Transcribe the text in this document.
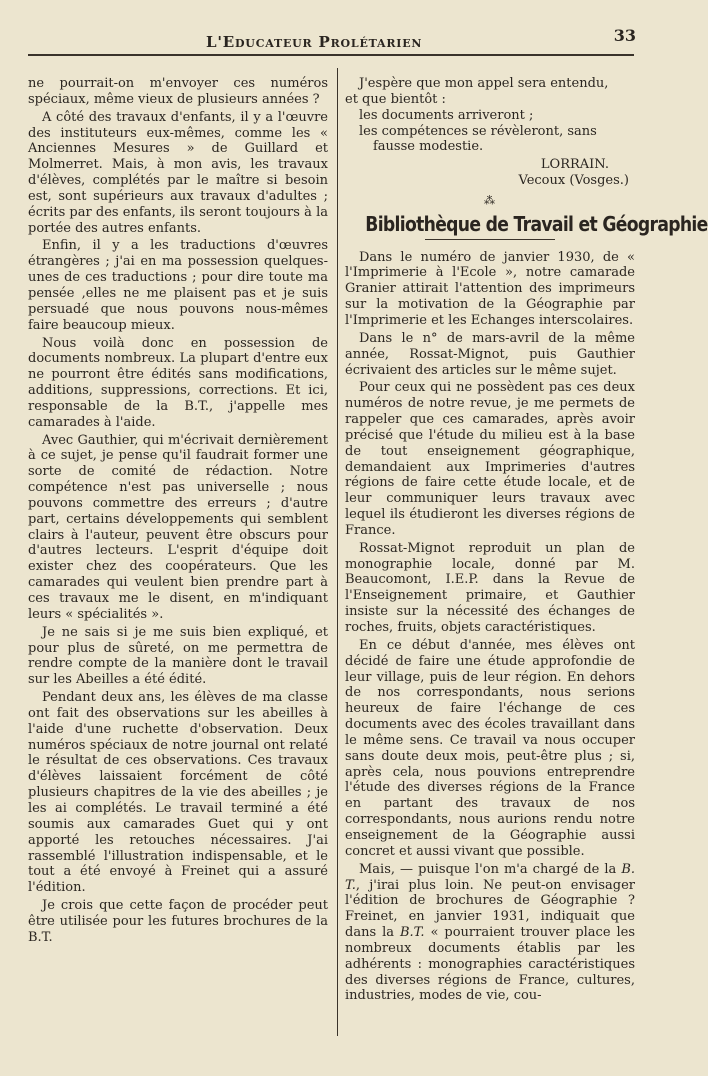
L'Educateur Prolétarien	33

ne pourrait-on m'envoyer ces numéros spéciaux, même vieux de plusieurs années ?

A côté des travaux d'enfants, il y a l'œuvre des instituteurs eux-mêmes, comme les « Anciennes Mesures » de Guillard et Molmerret. Mais, à mon avis, les travaux d'élèves, complétés par le maître si besoin est, sont supérieurs aux travaux d'adultes ; écrits par des enfants, ils seront toujours à la portée des autres enfants.

Enfin, il y a les traductions d'œuvres étrangères ; j'ai en ma possession quelques-unes de ces traductions ; pour dire toute ma pensée ,elles ne me plaisent pas et je suis persuadé que nous pouvons nous-mêmes faire beaucoup mieux.

Nous voilà donc en possession de documents nombreux. La plupart d'entre eux ne pourront être édités sans modifications, additions, suppressions, corrections. Et ici, responsable de la B.T., j'appelle mes camarades à l'aide.

Avec Gauthier, qui m'écrivait dernièrement à ce sujet, je pense qu'il faudrait former une sorte de comité de rédaction. Notre compétence n'est pas universelle ; nous pouvons commettre des erreurs ; d'autre part, certains développements qui semblent clairs à l'auteur, peuvent être obscurs pour d'autres lecteurs. L'esprit d'équipe doit exister chez des coopérateurs. Que les camarades qui veulent bien prendre part à ces travaux me le disent, en m'indiquant leurs « spécialités ».

Je ne sais si je me suis bien expliqué, et pour plus de sûreté, on me permettra de rendre compte de la manière dont le travail sur les Abeilles a été édité.

Pendant deux ans, les élèves de ma classe ont fait des observations sur les abeilles à l'aide d'une ruchette d'observation. Deux numéros spéciaux de notre journal ont relaté le résultat de ces observations. Ces travaux d'élèves laissaient forcément de côté plusieurs chapitres de la vie des abeilles ; je les ai complétés. Le travail terminé a été soumis aux camarades Guet qui y ont apporté les retouches nécessaires. J'ai rassemblé l'illustration indispensable, et le tout a été envoyé à Freinet qui a assuré l'édition.

Je crois que cette façon de procéder peut être utilisée pour les futures brochures de la B.T.

J'espère que mon appel sera entendu,
et que bientôt :
les documents arriveront ;
les compétences se révèleront, sans
fausse modestie.
LORRAIN.
Vecoux (Vosges.)
⁂
Bibliothèque de Travail et Géographie

Dans le numéro de janvier 1930, de « l'Imprimerie à l'Ecole », notre camarade Granier attirait l'attention des imprimeurs sur la motivation de la Géographie par l'Imprimerie et les Echanges interscolaires.

Dans le n° de mars-avril de la même année, Rossat-Mignot, puis Gauthier écrivaient des articles sur le même sujet.

Pour ceux qui ne possèdent pas ces deux numéros de notre revue, je me permets de rappeler que ces camarades, après avoir précisé que l'étude du milieu est à la base de tout enseignement géographique, demandaient aux Imprimeries d'autres régions de faire cette étude locale, et de leur communiquer leurs travaux avec lequel ils étudieront les diverses régions de France.

Rossat-Mignot reproduit un plan de monographie locale, donné par M. Beaucomont, I.E.P. dans la Revue de l'Enseignement primaire, et Gauthier insiste sur la nécessité des échanges de roches, fruits, objets caractéristiques.

En ce début d'année, mes élèves ont décidé de faire une étude approfondie de leur village, puis de leur région. En dehors de nos correspondants, nous serions heureux de faire l'échange de ces documents avec des écoles travaillant dans le même sens. Ce travail va nous occuper sans doute deux mois, peut-être plus ; si, après cela, nous pouvions entreprendre l'étude des diverses régions de la France en partant des travaux de nos correspondants, nous aurions rendu notre enseignement de la Géographie aussi concret et aussi vivant que possible.

Mais, — puisque l'on m'a chargé de la B. T., j'irai plus loin. Ne peut-on envisager l'édition de brochures de Géographie ? Freinet, en janvier 1931, indiquait que dans la B.T. « pourraient trouver place les nombreux documents établis par les adhérents : monographies caractéristiques des diverses régions de France, cultures, industries, modes de vie, cou-
